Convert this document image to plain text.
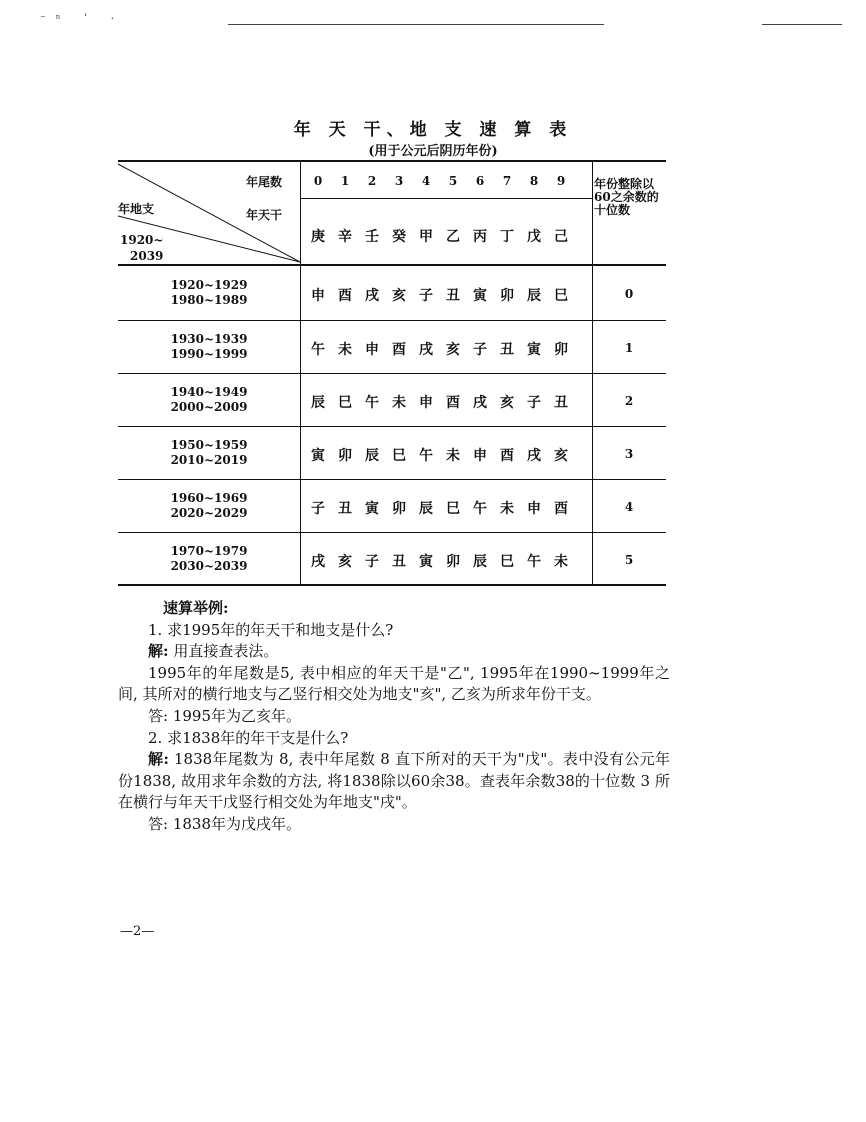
⁻ⁿ ˈ ·
年 天 干、地 支 速 算 表
(用于公元后阴历年份)
年尾数
年地支	年天干
1920~
2039
0	1	2	3	4	5	6	7	8	9
庚 辛 壬 癸 甲 乙 丙 丁 戊 己
年份整除以60之余数的十位数
1920~1929
1980~1989	申 酉 戌 亥 子 丑 寅 卯 辰 巳	0
1930~1939
1990~1999	午 未 申 酉 戌 亥 子 丑 寅 卯	1
1940~1949
2000~2009	辰 巳 午 未 申 酉 戌 亥 子 丑	2
1950~1959
2010~2019	寅 卯 辰 巳 午 未 申 酉 戌 亥	3
1960~1969
2020~2029	子 丑 寅 卯 辰 巳 午 未 申 酉	4
1970~1979
2030~2039	戌 亥 子 丑 寅 卯 辰 巳 午 未	5

速算举例:

1. 求1995年的年天干和地支是什么?

解: 用直接查表法。

1995年的年尾数是5, 表中相应的年天干是"乙", 1995年在1990~1999年之间, 其所对的横行地支与乙竖行相交处为地支"亥", 乙亥为所求年份干支。

答: 1995年为乙亥年。

2. 求1838年的年干支是什么?

解: 1838年尾数为 8, 表中年尾数 8 直下所对的天干为"戊"。表中没有公元年份1838, 故用求年余数的方法, 将1838除以60余38。查表年余数38的十位数 3 所在横行与年天干戊竖行相交处为年地支"戌"。

答: 1838年为戊戌年。

—2—
